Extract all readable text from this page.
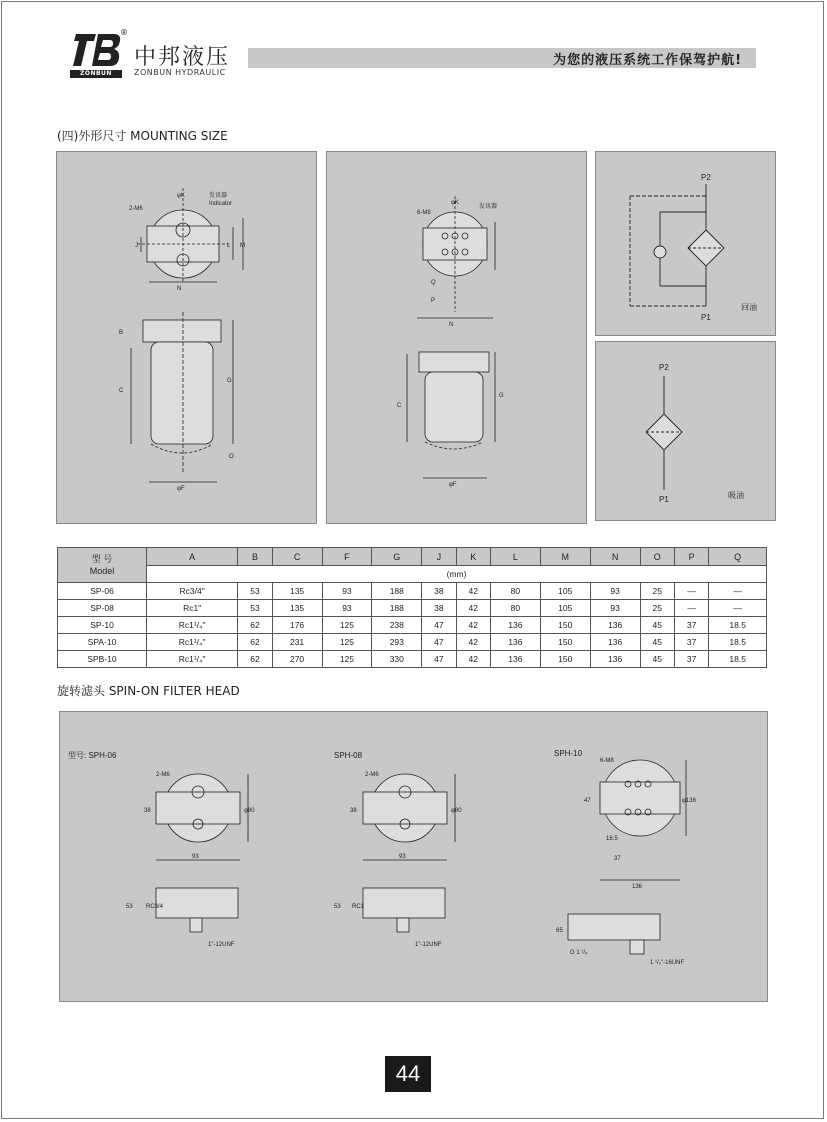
®
ZONBUN
中邦液压
ZONBUN HYDRAULIC
为您的液压系统工作保驾护航!
(四)外形尺寸 MOUNTING SIZE
2-M6
φK	发讯器
Indicator
N
M
L
J
C
G
B
O
φF
6-M8
φK
发讯器
Q
P
N
C
G
φF
P2
P1
回油
P2
P1	吸油
型 号
Model	A	B	C	F	G	J	K	L	M	N	O	P	Q
	(mm)												
SP-06	Rc3/4"	53	135	93	188	38	42	80	105	93	25	—	—
SP-08	Rc1"	53	135	93	188	38	42	80	105	93	25	—	—
SP-10	Rc1¹/₄"	62	176	125	238	47	42	136	150	136	45	37	18.5
SPA-10	Rc1¹/₄"	62	231	125	293	47	42	136	150	136	45	37	18.5
SPB-10	Rc1¹/₄"	62	270	125	330	47	42	136	150	136	45	37	18.5
旋转滤头 SPIN-ON FILTER HEAD
型号: SPH-06
2-M6
38	φ80
93
53 RC3/4
1"-12UNF
SPH-08
2-M6
38	φ80
93
53 RC1
1"-12UNF
SPH-10
6-M8
47	φ136
18.5
37
136
65
G 1 ¹/₄
1 ¹/₂"-16UNF
44
